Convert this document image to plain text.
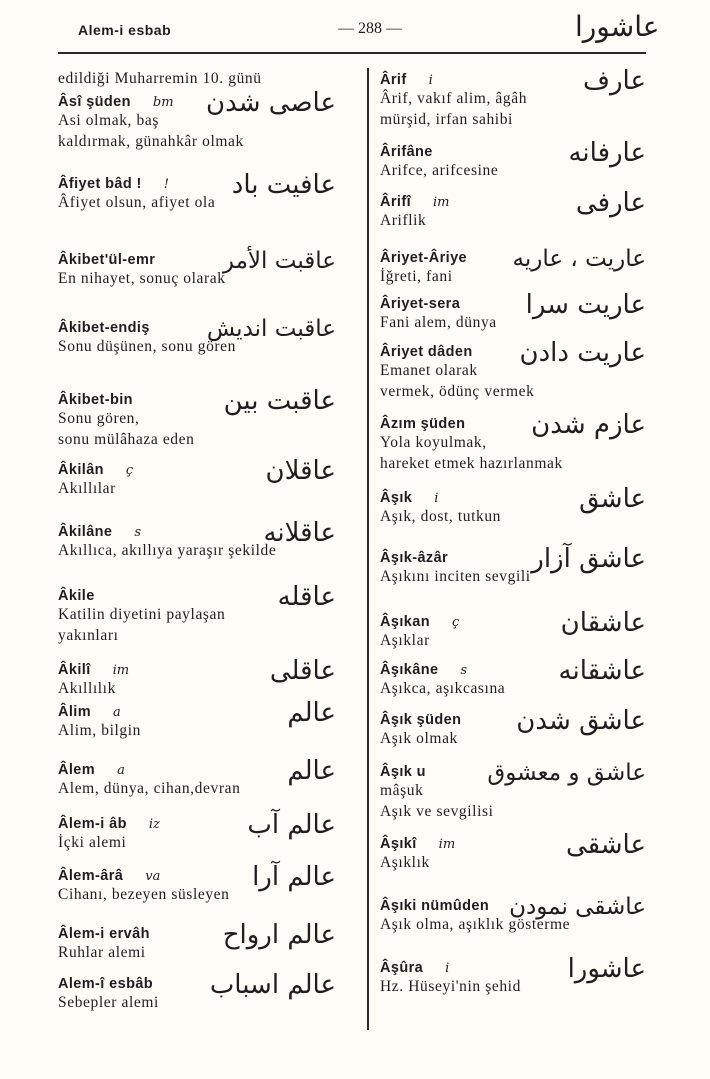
Alem-i esbab	— 288 —	عاشورا
edildiği Muharremin 10. günü
Âsî şüden	bm
Asi olmak, baş
kaldırmak, günahkâr olmak
عاصى شدن
Âfiyet bâd !	!
Âfiyet olsun, afiyet ola
عافيت باد
Âkibet'ül-emr
En nihayet, sonuç olarak
عاقبت الأمر
Âkibet-endiş
Sonu düşünen, sonu gören
عاقبت انديش
Âkibet-bin
Sonu gören,
sonu mülâhaza eden
عاقبت بين
Âkilân	ç
Akıllılar
عاقلان
Âkilâne	s
Akıllıca, akıllıya yaraşır şekilde
عاقلانه
Âkile
Katilin diyetini paylaşan
yakınları
عاقله
Âkilî	im
Akıllılık
عاقلى
Âlim	a
Alim, bilgin
عالم
Âlem	a
Alem, dünya, cihan,devran
عالم
Âlem-i âb	iz
İçki alemi
عالم آب
Âlem-ârâ	va
Cihanı, bezeyen süsleyen
عالم آرا
Âlem-i ervâh
Ruhlar alemi
عالم ارواح
Alem-î esbâb
Sebepler alemi
عالم اسباب
Ârif	i
Ârif, vakıf alim, âgâh
mürşid, irfan sahibi
عارف
Ârifâne
Arifce, arifcesine
عارفانه
Ârifî	im
Ariflik
عارفى
Âriyet-Âriye
İğreti, fani
عاريت ، عاريه
Âriyet-sera
Fani alem, dünya
عاريت سرا
Âriyet dâden
Emanet olarak
vermek, ödünç vermek
عاريت دادن
Âzım şüden
Yola koyulmak,
hareket etmek hazırlanmak
عازم شدن
Âşık	i
Aşık, dost, tutkun
عاشق
Âşık-âzâr
Aşıkını inciten sevgili
عاشق آزار
Âşıkan	ç
Aşıklar
عاشقان
Âşıkâne	s
Aşıkca, aşıkcasına
عاشقانه
Âşık şüden
Aşık olmak
عاشق شدن
Âşık u
mâşuk
Aşık ve sevgilisi
عاشق و معشوق
Âşıkî	im
Aşıklık
عاشقى
Âşıki nümûden
Aşık olma, aşıklık gösterme
عاشقى نمودن
Âşûra	i
Hz. Hüseyi'nin şehid
عاشورا
